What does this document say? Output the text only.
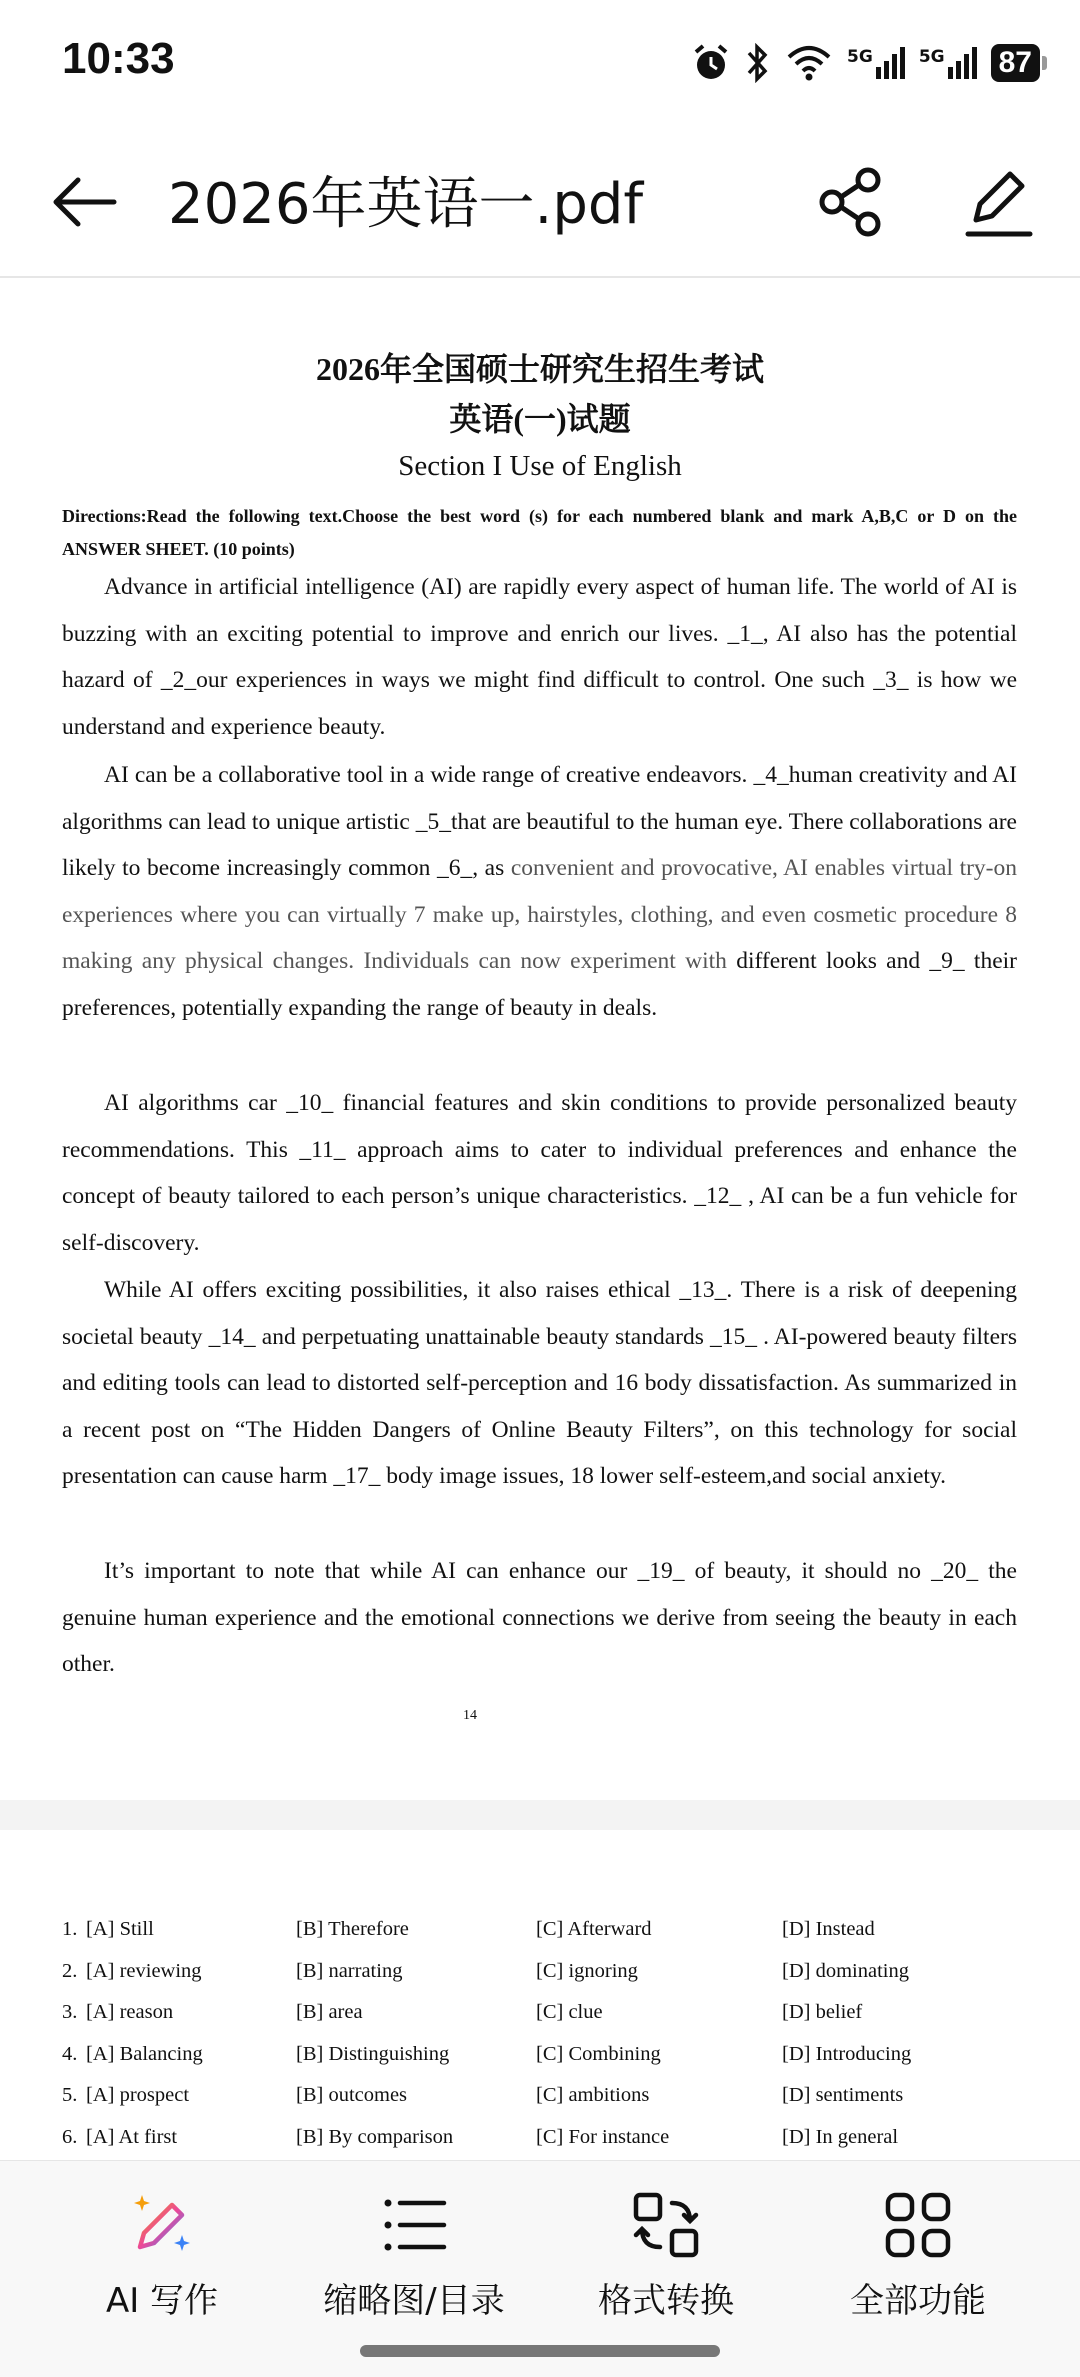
10:33	5G	5G 87
2026年英语一.pdf
2026年全国硕士研究生招生考试
英语(一)试题
Section I Use of English
Directions:Read the following text.Choose the best word (s) for each numbered blank and mark A,B,C or D on the ANSWER SHEET. (10 points)

Advance in artificial intelligence (AI) are rapidly every aspect of human life. The world of AI is buzzing with an exciting potential to improve and enrich our lives. _1_, AI also has the potential hazard of _2_our experiences in ways we might find difficult to control. One such _3_ is how we understand and experience beauty.

AI can be a collaborative tool in a wide range of creative endeavors. _4_human creativity and AI algorithms can lead to unique artistic _5_that are beautiful to the human eye. There collaborations are likely to become increasingly common _6_, as convenient and provocative, AI enables virtual try-on experiences where you can virtually 7 make up, hairstyles, clothing, and even cosmetic procedure 8 making any physical changes. Individuals can now experiment with different looks and _9_ their preferences, potentially expanding the range of beauty in deals.

AI algorithms car _10_ financial features and skin conditions to provide personalized beauty recommendations. This _11_ approach aims to cater to individual preferences and enhance the concept of beauty tailored to each person’s unique characteristics. _12_ , AI can be a fun vehicle for self-discovery.

While AI offers exciting possibilities, it also raises ethical _13_. There is a risk of deepening societal beauty _14_ and perpetuating unattainable beauty standards _15_ . AI-powered beauty filters and editing tools can lead to distorted self-perception and 16 body dissatisfaction. As summarized in a recent post on “The Hidden Dangers of Online Beauty Filters”, on this technology for social presentation can cause harm _17_ body image issues, 18 lower self-esteem,and social anxiety.

It’s important to note that while AI can enhance our _19_ of beauty, it should no _20_ the genuine human experience and the emotional connections we derive from seeing the beauty in each other.

14
1. [A] Still	[B] Therefore	[C] Afterward	[D] Instead
2. [A] reviewing	[B] narrating	[C] ignoring	[D] dominating
3. [A] reason	[B] area	[C] clue	[D] belief
4. [A] Balancing	[B] Distinguishing	[C] Combining	[D] Introducing
5. [A] prospect	[B] outcomes	[C] ambitions	[D] sentiments
6. [A] At first	[B] By comparison	[C] For instance	[D] In general
AI 写作	缩略图/目录	格式转换	全部功能
